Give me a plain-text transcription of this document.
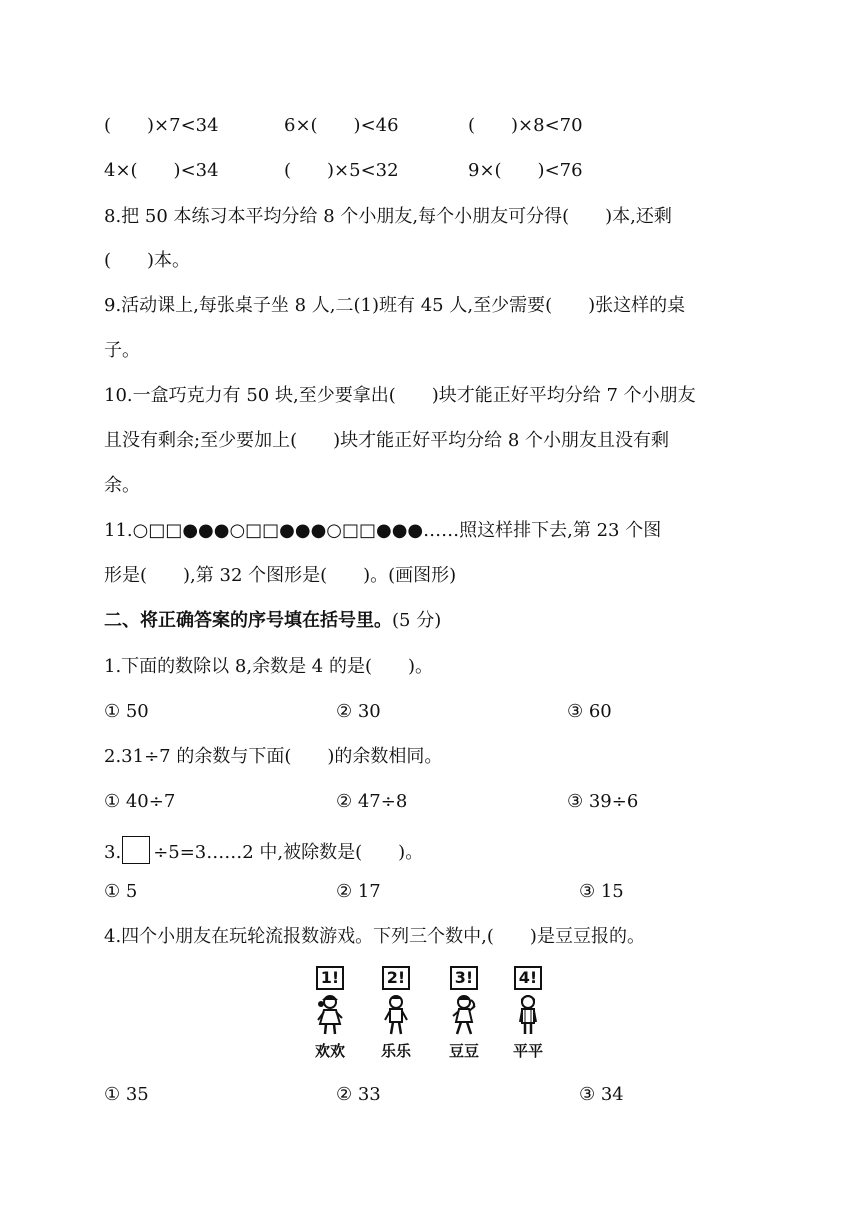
(　　)×7<34	6×(　　)<46	(　　)×8<70
4×(　　)<34	(　　)×5<32	9×(　　)<76
8.把 50 本练习本平均分给 8 个小朋友,每个小朋友可分得(　　)本,还剩
(　　)本。
9.活动课上,每张桌子坐 8 人,二(1)班有 45 人,至少需要(　　)张这样的桌
子。
10.一盒巧克力有 50 块,至少要拿出(　　)块才能正好平均分给 7 个小朋友
且没有剩余;至少要加上(　　)块才能正好平均分给 8 个小朋友且没有剩
余。
11.○□□●●●○□□●●●○□□●●●……照这样排下去,第 23 个图
形是(　　),第 32 个图形是(　　)。(画图形)
二、将正确答案的序号填在括号里。(5 分)
1.下面的数除以 8,余数是 4 的是(　　)。
① 50	② 30	③ 60
2.31÷7 的余数与下面(　　)的余数相同。
① 40÷7	② 47÷8	③ 39÷6
3. ÷5=3……2 中,被除数是(　　)。
① 5	② 17	③ 15
4.四个小朋友在玩轮流报数游戏。下列三个数中,(　　)是豆豆报的。
1!
欢欢
2!
乐乐
3!
豆豆
4!
平平
① 35	② 33	③ 34
